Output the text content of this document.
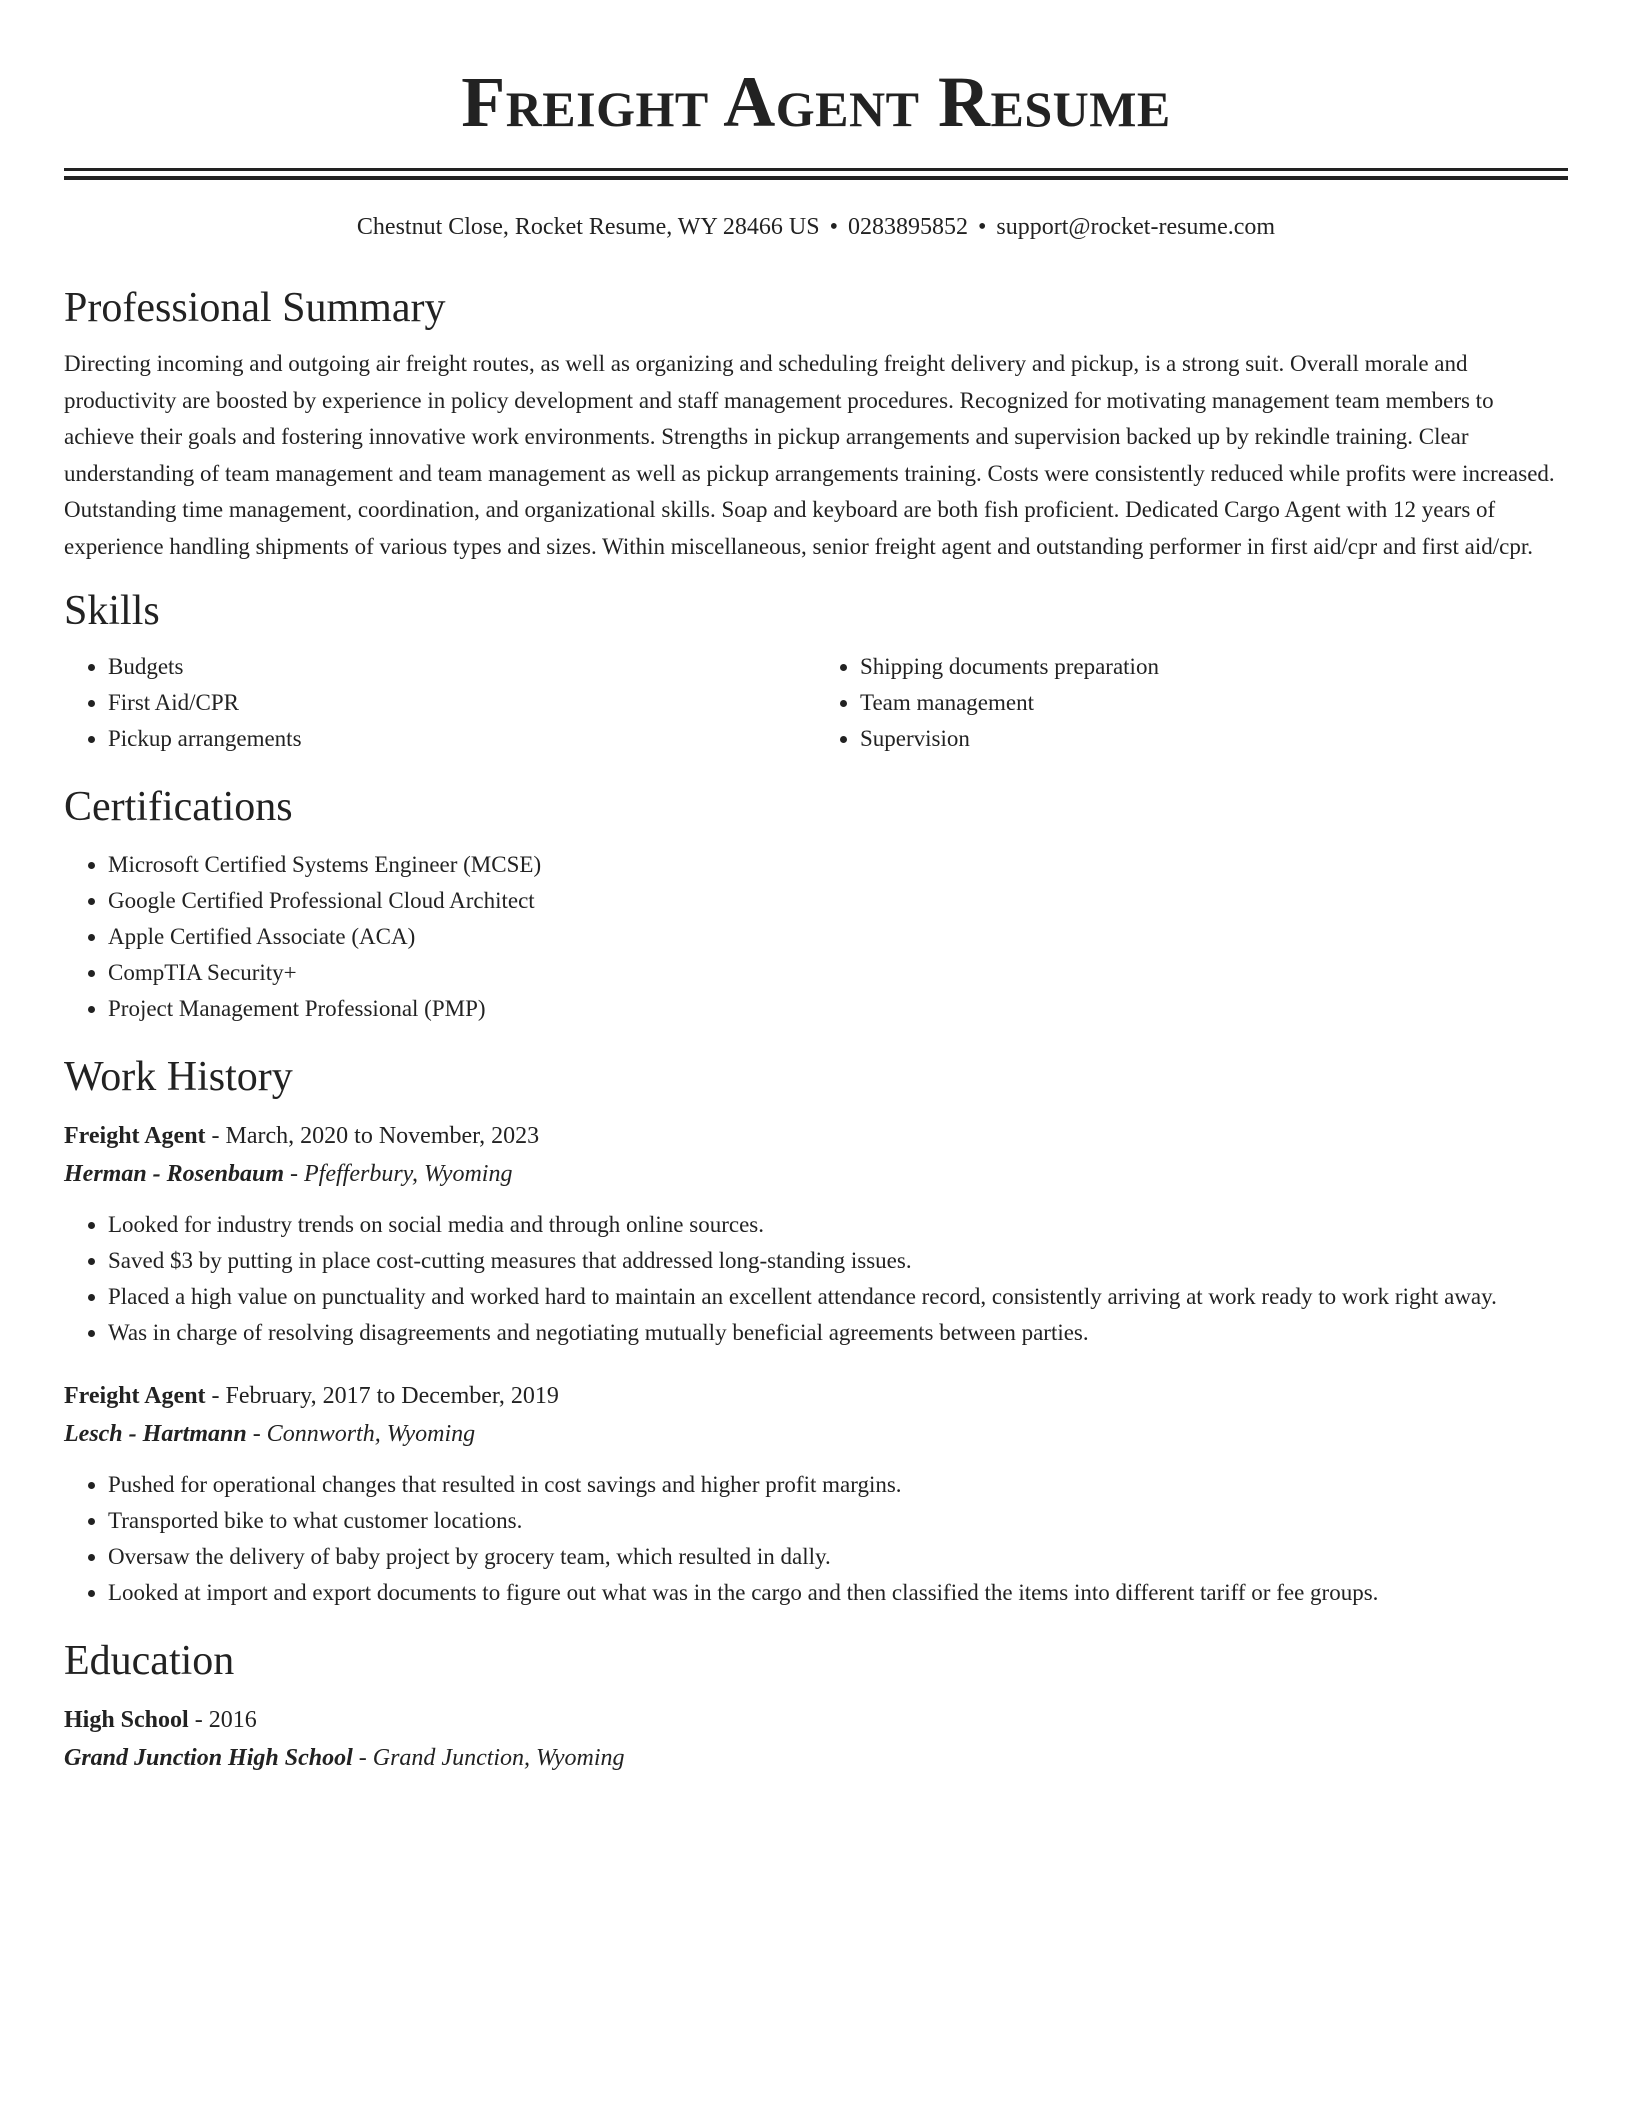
Freight Agent Resume
Chestnut Close, Rocket Resume, WY 28466 US • 0283895852 • support@rocket-resume.com
Professional Summary
Directing incoming and outgoing air freight routes, as well as organizing and scheduling freight delivery and pickup, is a strong suit. Overall morale and productivity are boosted by experience in policy development and staff management procedures. Recognized for motivating management team members to achieve their goals and fostering innovative work environments. Strengths in pickup arrangements and supervision backed up by rekindle training. Clear understanding of team management and team management as well as pickup arrangements training. Costs were consistently reduced while profits were increased. Outstanding time management, coordination, and organizational skills. Soap and keyboard are both fish proficient. Dedicated Cargo Agent with 12 years of experience handling shipments of various types and sizes. Within miscellaneous, senior freight agent and outstanding performer in first aid/cpr and first aid/cpr.
Skills
• Budgets
• First Aid/CPR
• Pickup arrangements
• Shipping documents preparation
• Team management
• Supervision
Certifications
• Microsoft Certified Systems Engineer (MCSE)
• Google Certified Professional Cloud Architect
• Apple Certified Associate (ACA)
• CompTIA Security+
• Project Management Professional (PMP)
Work History
Freight Agent - March, 2020 to November, 2023
Herman - Rosenbaum - Pfefferbury, Wyoming
• Looked for industry trends on social media and through online sources.
• Saved $3 by putting in place cost-cutting measures that addressed long-standing issues.
• Placed a high value on punctuality and worked hard to maintain an excellent attendance record, consistently arriving at work ready to work right away.
• Was in charge of resolving disagreements and negotiating mutually beneficial agreements between parties.
Freight Agent - February, 2017 to December, 2019
Lesch - Hartmann - Connworth, Wyoming
• Pushed for operational changes that resulted in cost savings and higher profit margins.
• Transported bike to what customer locations.
• Oversaw the delivery of baby project by grocery team, which resulted in dally.
• Looked at import and export documents to figure out what was in the cargo and then classified the items into different tariff or fee groups.
Education
High School - 2016
Grand Junction High School - Grand Junction, Wyoming
